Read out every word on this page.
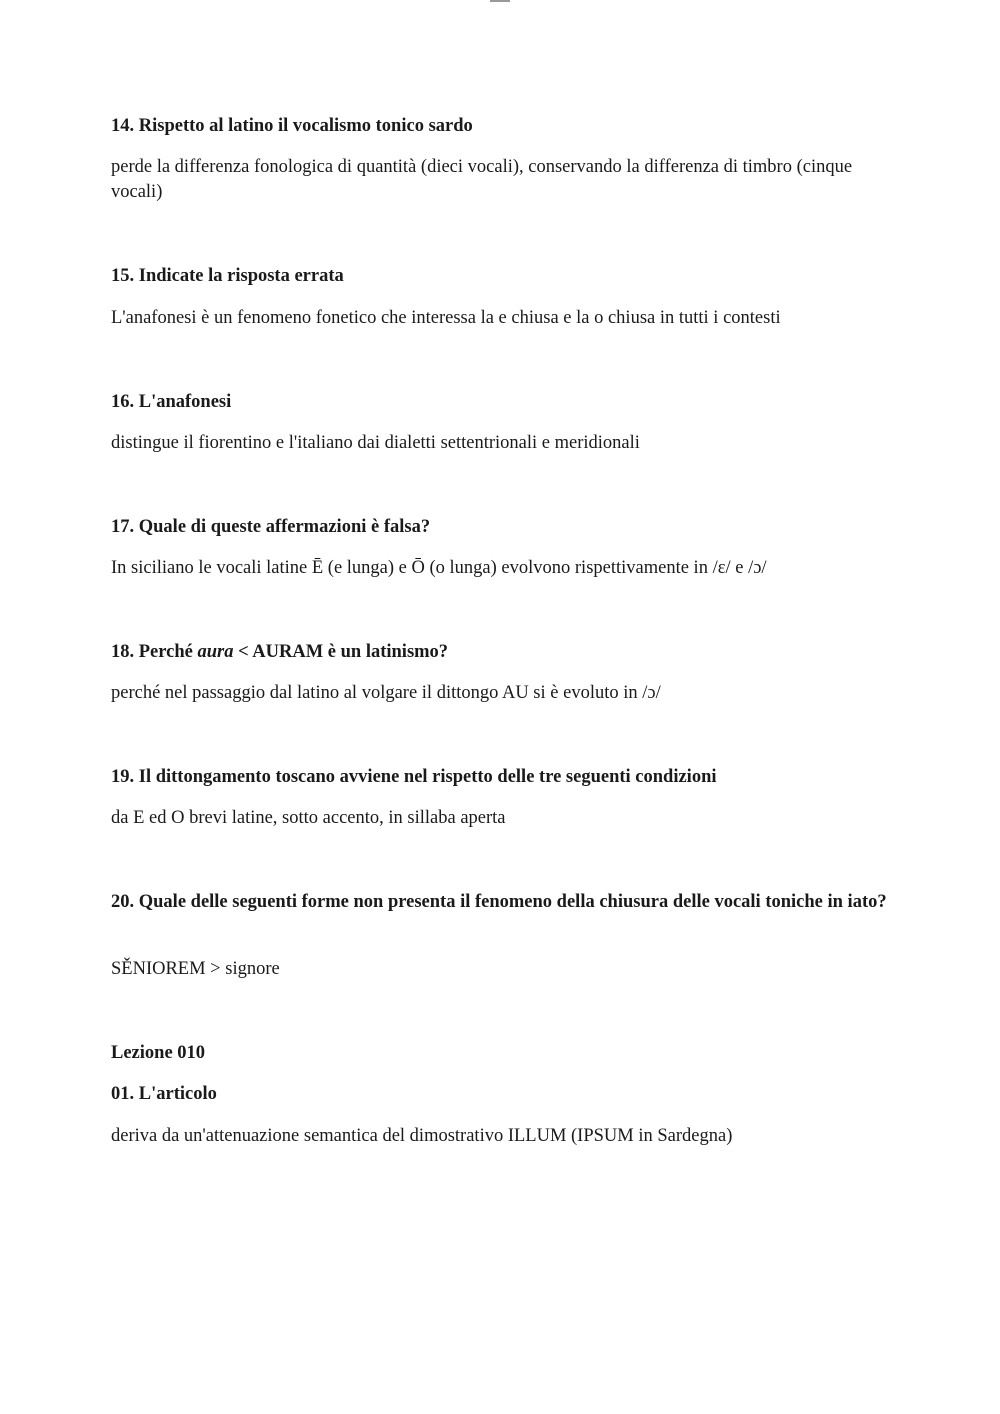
14. Rispetto al latino il vocalismo tonico sardo

perde la differenza fonologica di quantità (dieci vocali), conservando la differenza di timbro (cinque vocali)

15. Indicate la risposta errata

L'anafonesi è un fenomeno fonetico che interessa la e chiusa e la o chiusa in tutti i contesti

16. L'anafonesi

distingue il fiorentino e l'italiano dai dialetti settentrionali e meridionali

17. Quale di queste affermazioni è falsa?

In siciliano le vocali latine Ē (e lunga) e Ō (o lunga) evolvono rispettivamente in /ɛ/ e /ɔ/

18. Perché aura < AURAM è un latinismo?

perché nel passaggio dal latino al volgare il dittongo AU si è evoluto in /ɔ/

19. Il dittongamento toscano avviene nel rispetto delle tre seguenti condizioni

da E ed O brevi latine, sotto accento, in sillaba aperta

20. Quale delle seguenti forme non presenta il fenomeno della chiusura delle vocali toniche in iato?

SĚNIOREM > signore

Lezione 010

01. L'articolo

deriva da un'attenuazione semantica del dimostrativo ILLUM (IPSUM in Sardegna)
